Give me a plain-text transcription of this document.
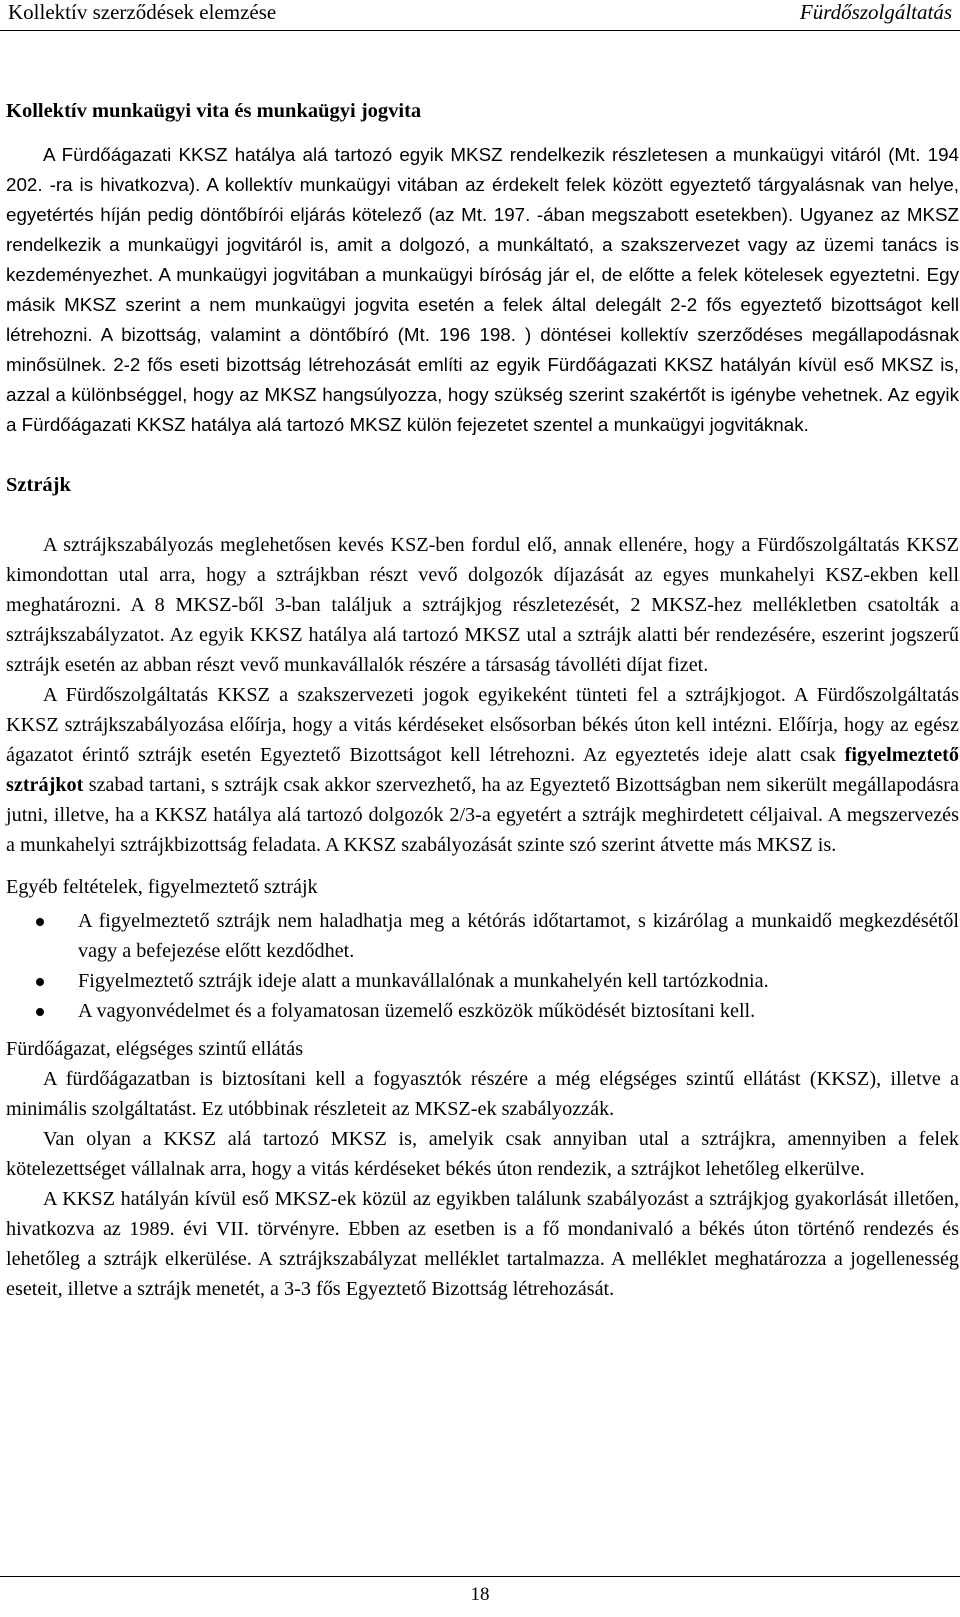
Kollektív szerződések elemzése	Fürdőszolgáltatás
Kollektív munkaügyi vita és munkaügyi jogvita

A Fürdőágazati KKSZ hatálya alá tartozó egyik MKSZ rendelkezik részletesen a munkaügyi vitáról (Mt. 194 202. -ra is hivatkozva). A kollektív munkaügyi vitában az érdekelt felek között egyeztető tárgyalásnak van helye, egyetértés híján pedig döntőbírói eljárás kötelező (az Mt. 197. -ában megszabott esetekben). Ugyanez az MKSZ rendelkezik a munkaügyi jogvitáról is, amit a dolgozó, a munkáltató, a szakszervezet vagy az üzemi tanács is kezdeményezhet. A munkaügyi jogvitában a munkaügyi bíróság jár el, de előtte a felek kötelesek egyeztetni. Egy másik MKSZ szerint a nem munkaügyi jogvita esetén a felek által delegált 2-2 fős egyeztető bizottságot kell létrehozni. A bizottság, valamint a döntőbíró (Mt. 196 198. ) döntései kollektív szerződéses megállapodásnak minősülnek. 2-2 fős eseti bizottság létrehozását említi az egyik Fürdőágazati KKSZ hatályán kívül eső MKSZ is, azzal a különbséggel, hogy az MKSZ hangsúlyozza, hogy szükség szerint szakértőt is igénybe vehetnek. Az egyik a Fürdőágazati KKSZ hatálya alá tartozó MKSZ külön fejezetet szentel a munkaügyi jogvitáknak.

Sztrájk

A sztrájkszabályozás meglehetősen kevés KSZ-ben fordul elő, annak ellenére, hogy a Fürdőszolgáltatás KKSZ kimondottan utal arra, hogy a sztrájkban részt vevő dolgozók díjazását az egyes munkahelyi KSZ-ekben kell meghatározni. A 8 MKSZ-ből 3-ban találjuk a sztrájkjog részletezését, 2 MKSZ-hez mellékletben csatolták a sztrájkszabályzatot. Az egyik KKSZ hatálya alá tartozó MKSZ utal a sztrájk alatti bér rendezésére, eszerint jogszerű sztrájk esetén az abban részt vevő munkavállalók részére a társaság távolléti díjat fizet.

A Fürdőszolgáltatás KKSZ a szakszervezeti jogok egyikeként tünteti fel a sztrájkjogot. A Fürdőszolgáltatás KKSZ sztrájkszabályozása előírja, hogy a vitás kérdéseket elsősorban békés úton kell intézni. Előírja, hogy az egész ágazatot érintő sztrájk esetén Egyeztető Bizottságot kell létrehozni. Az egyeztetés ideje alatt csak figyelmeztető sztrájkot szabad tartani, s sztrájk csak akkor szervezhető, ha az Egyeztető Bizottságban nem sikerült megállapodásra jutni, illetve, ha a KKSZ hatálya alá tartozó dolgozók 2/3-a egyetért a sztrájk meghirdetett céljaival. A megszervezés a munkahelyi sztrájkbizottság feladata. A KKSZ szabályozását szinte szó szerint átvette más MKSZ is.

Egyéb feltételek, figyelmeztető sztrájk

A figyelmeztető sztrájk nem haladhatja meg a kétórás időtartamot, s kizárólag a munkaidő megkezdésétől vagy a befejezése előtt kezdődhet.
Figyelmeztető sztrájk ideje alatt a munkavállalónak a munkahelyén kell tartózkodnia.
A vagyonvédelmet és a folyamatosan üzemelő eszközök működését biztosítani kell.

Fürdőágazat, elégséges szintű ellátás

A fürdőágazatban is biztosítani kell a fogyasztók részére a még elégséges szintű ellátást (KKSZ), illetve a minimális szolgáltatást. Ez utóbbinak részleteit az MKSZ-ek szabályozzák.

Van olyan a KKSZ alá tartozó MKSZ is, amelyik csak annyiban utal a sztrájkra, amennyiben a felek kötelezettséget vállalnak arra, hogy a vitás kérdéseket békés úton rendezik, a sztrájkot lehetőleg elkerülve.

A KKSZ hatályán kívül eső MKSZ-ek közül az egyikben találunk szabályozást a sztrájkjog gyakorlását illetően, hivatkozva az 1989. évi VII. törvényre. Ebben az esetben is a fő mondanivaló a békés úton történő rendezés és lehetőleg a sztrájk elkerülése. A sztrájkszabályzat melléklet tartalmazza. A melléklet meghatározza a jogellenesség eseteit, illetve a sztrájk menetét, a 3-3 fős Egyeztető Bizottság létrehozását.

18
